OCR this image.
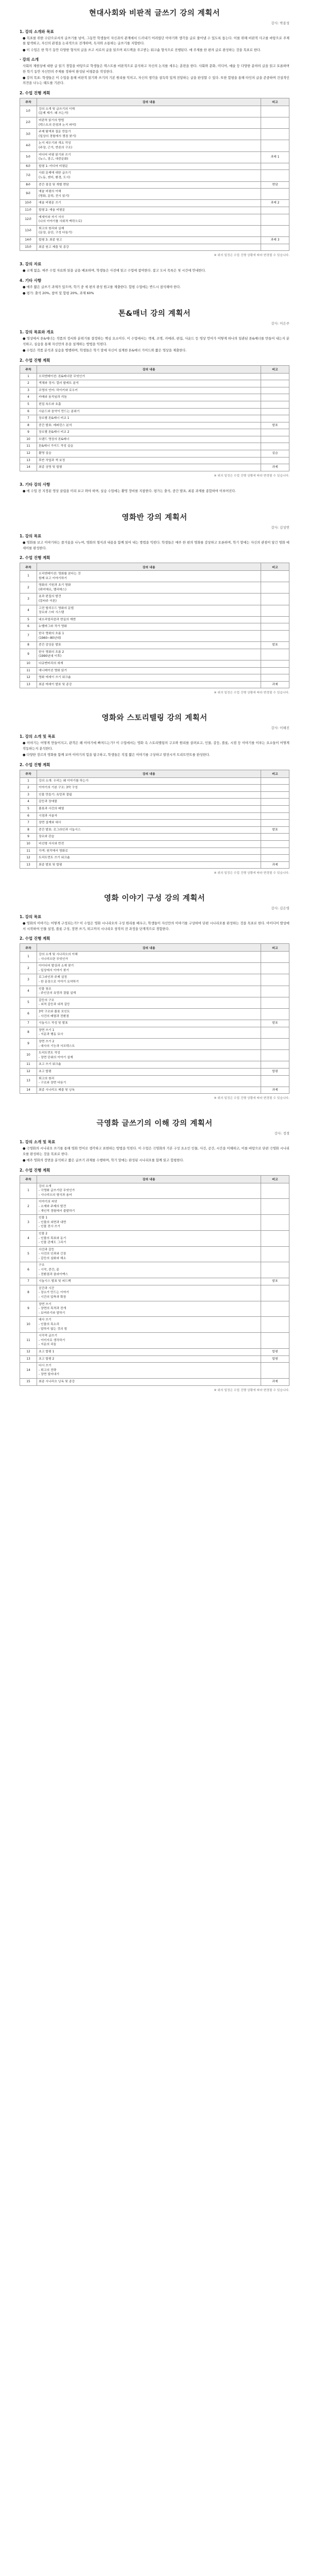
현대사회와 비판적 글쓰기 강의 계획서
강사: 박종성
1. 강의 소개와 목표

● 목표를 위한 수단으로서의 글쓰기를 넘어, 그동안 학생들이 자신과의 관계에서 드러내기 어려웠던 이야기와 생각을 글로 풀어낼 수 있도록 돕는다. 이를 위해 비판적 사고를 바탕으로 주제를 탐색하고, 자신의 관점을 논리적으로 전개하며, 독자와 소통하는 글쓰기를 지향한다.

● 이 수업은 한 학기 동안 다양한 형식의 글을 쓰고 서로의 글을 읽으며 피드백을 주고받는 워크숍 형식으로 진행된다. 매 주제를 한 편의 글로 완성하는 것을 목표로 한다.

· 강의 소개

사회의 제현상에 대한 글 읽기 경험을 바탕으로 학생들은 텍스트를 비판적으로 분석하고 자신의 논지를 세우는 훈련을 한다. 사회와 문화, 미디어, 예술 등 다양한 분야의 글을 읽고 토론하며 한 학기 동안 자신만의 주제를 정하여 완성된 비평문을 작성한다.

● 강의 목표: 학생들은 이 수업을 통해 비판적 읽기와 쓰기의 기본 원리를 익히고, 자신의 생각을 설득력 있게 전달하는 글을 완성할 수 있다. 또한 합평을 통해 타인의 글을 존중하며 건설적인 의견을 나누는 태도를 기른다.

2. 수업 진행 계획
주차	강의 내용	비고
1주	강의 소개 및 글쓰기의 이해
(문제 제기: 왜 쓰는가)	
2주	비판적 읽기의 방법
(텍스트의 관점과 논지 파악)	
3주	주제 탐색과 질문 만들기
(일상의 경험에서 쟁점 찾기)	
4주	논지 세우기와 개요 작성
(주장, 근거, 반론의 구조)	
5주	미디어 비평 읽기와 쓰기
(뉴스, 광고, 대중문화)	과제 1
6주	합평 1: 미디어 비평문	
7주	사회 문제에 대한 글쓰기
(노동, 젠더, 환경, 도시)	
8주	중간 점검 및 개별 면담	면담
9주	예술 비평의 이해
(영화, 문학, 전시 읽기)	
10주	예술 비평문 쓰기	과제 2
11주	합평 2: 예술 비평문	
12주	에세이와 자기 서사
(나의 이야기를 사회적 맥락으로)	
13주	퇴고의 원리와 실제
(문장, 문단, 구성 다듬기)	
14주	합평 3: 최종 원고	과제 3
15주	최종 원고 제출 및 종강	
※ 위의 일정은 수업 진행 상황에 따라 변경될 수 있습니다.
3. 강의 자료

● 교재 없음. 매주 수업 자료와 읽을 글을 배포하며, 학생들은 사전에 읽고 수업에 참여한다. 참고 도서 목록은 첫 시간에 안내한다.

4. 기타 사항

● 매주 짧은 글쓰기 과제가 있으며, 학기 중 세 편의 완성 원고를 제출한다. 합평 수업에는 반드시 참석해야 한다.

● 평가: 출석 20%, 참여 및 합평 20%, 과제 60%

톤&매너 강의 계획서
강사: 이은주
1. 강의 목표와 개요

● 영상에서 톤&매너는 작품의 정서와 분위기를 결정하는 핵심 요소이다. 이 수업에서는 색채, 조명, 카메라, 편집, 사운드 등 영상 언어가 어떻게 하나의 일관된 톤&매너를 만들어 내는지 분석하고, 실습을 통해 자신만의 톤을 설계하는 방법을 익힌다.

● 수업은 작품 분석과 실습을 병행하며, 학생들은 학기 말에 자신이 설계한 톤&매너 가이드와 짧은 영상을 제출한다.

2. 수업 진행 계획
주차	강의 내용	비고
1	오리엔테이션: 톤&매너란 무엇인가	
2	색채와 정서: 컬러 팔레트 분석	
3	조명의 언어: 하이키와 로우키	
4	카메라 움직임과 리듬	
5	편집 속도와 호흡	
6	사운드와 음악이 만드는 분위기	
7	장르별 톤&매너 비교 1	
8	중간 발표: 레퍼런스 분석	발표
9	장르별 톤&매너 비교 2	
10	브랜드 영상의 톤&매너	
11	톤&매너 가이드 작성 실습	
12	촬영 실습	실습
13	후반 작업과 색 보정	
14	최종 상영 및 합평	과제
※ 위의 일정은 수업 진행 상황에 따라 변경될 수 있습니다.
3. 기타 강의 사항

● 매 수업 전 지정된 영상 클립을 미리 보고 와야 하며, 실습 수업에는 촬영 장비를 지참한다. 평가는 출석, 중간 발표, 최종 과제를 종합하여 이루어진다.

영화반 강의 계획서
강사: 김성연
1. 강의 목표

● 영화를 보고 이야기하는 즐거움을 나누며, 영화의 형식과 내용을 함께 읽어 내는 방법을 익힌다. 학생들은 매주 한 편의 영화를 감상하고 토론하며, 학기 말에는 자신의 관점이 담긴 영화 에세이를 완성한다.

2. 수업 진행 계획
주차	강의 내용	비고
1	오리엔테이션: 영화를 본다는 것
함께 보고 이야기하기	
2	영화의 기원과 초기 영화
(뤼미에르, 멜리에스)	
3	숏과 편집의 발견
(몽타주 이론)	
4	고전 할리우드 영화의 문법
장르와 스타 시스템	
5	네오리얼리즘과 현실의 재현	
6	누벨바그와 작가 영화	
7	한국 영화의 흐름 1
(1960~80년대)	
8	중간 감상문 발표	발표
9	한국 영화의 흐름 2
(1990년대 이후)	
10	다큐멘터리의 세계	
11	애니메이션 영화 읽기	
12	영화 에세이 쓰기 워크숍	
13	최종 에세이 발표 및 종강	과제
※ 위의 일정은 수업 진행 상황에 따라 변경될 수 있습니다.
영화와 스토리텔링 강의 계획서
강사: 이해진
1. 강의 소개 및 목표

● 이야기는 어떻게 만들어지고, 관객은 왜 이야기에 빠져드는가? 이 수업에서는 영화 속 스토리텔링의 구조와 원리를 살펴보고, 인물, 갈등, 플롯, 시점 등 이야기를 이루는 요소들이 어떻게 작동하는지 분석한다.

● 다양한 장르의 영화를 함께 보며 이야기의 힘을 탐구하고, 학생들은 직접 짧은 이야기를 구상하고 발전시켜 트리트먼트를 완성한다.

2. 수업 진행 계획
주차	강의 내용	비고
1	강의 소개: 우리는 왜 이야기를 하는가	
2	이야기의 기본 구조: 3막 구성	
3	인물 만들기: 욕망과 결핍	
4	갈등과 장애물	
5	플롯과 사건의 배열	
6	시점과 서술자	
7	장면 설계와 대사	
8	중간 발표: 로그라인과 시놉시스	발표
9	장르와 관습	
10	비선형 서사와 반전	
11	각색: 원작에서 영화로	
12	트리트먼트 쓰기 워크숍	
13	최종 발표 및 합평	과제
※ 위의 일정은 수업 진행 상황에 따라 변경될 수 있습니다.
영화 이야기 구성 강의 계획서
강사: 김은영
1. 강의 목표

● 영화의 이야기는 어떻게 구성되는가? 이 수업은 영화 시나리오의 구성 원리를 배우고, 학생들이 자신만의 이야기를 구상하여 단편 시나리오를 완성하는 것을 목표로 한다. 아이디어 발상에서 시작하여 인물 설정, 플롯 구성, 장면 쓰기, 퇴고까지 시나리오 창작의 전 과정을 단계적으로 경험한다.

2. 수업 진행 계획
주차	강의 내용	비고
1	강의 소개 및 시나리오의 이해
- 시나리오란 무엇인가	
2	아이디어 발상과 소재 찾기
- 일상에서 이야기 찾기	
3	로그라인과 주제 설정
- 한 문장으로 이야기 요약하기	
4	인물 창조
- 주인공의 욕망과 결핍 설계	
5	갈등의 구조
- 외적 갈등과 내적 갈등	
6	3막 구조와 플롯 포인트
- 사건의 배열과 전환점	
7	시놉시스 작성 및 발표	발표
8	장면 쓰기 1
- 지문과 행동 묘사	
9	장면 쓰기 2
- 대사의 기능과 서브텍스트	
10	트리트먼트 작성
- 장면 단위의 이야기 설계	
11	초고 쓰기 워크숍	
12	초고 합평	합평
13	퇴고의 원리
- 구조와 장면 다듬기	
14	최종 시나리오 제출 및 낭독	과제
※ 위의 일정은 수업 진행 상황에 따라 변경될 수 있습니다.
극영화 글쓰기의 이해 강의 계획서
강사: 정경
1. 강의 소개 및 목표

● 극영화의 시나리오 쓰기를 통해 영화 언어로 생각하고 표현하는 방법을 익힌다. 이 수업은 극영화의 기본 구성 요소인 인물, 사건, 공간, 시간을 이해하고, 이를 바탕으로 단편 극영화 시나리오를 완성하는 것을 목표로 한다.

● 매주 영화의 장면을 분석하고 짧은 글쓰기 과제를 수행하며, 학기 말에는 완성된 시나리오를 함께 읽고 합평한다.

2. 수업 진행 계획
주차	강의 내용	비고
1	강의 소개
- 극영화 글쓰기란 무엇인가
- 시나리오의 형식과 용어	
2	이야기의 씨앗
- 소재와 주제의 발견
- 개인적 경험에서 출발하기	
3	인물 1
- 인물의 외면과 내면
- 인물 전사 쓰기	
4	인물 2
- 인물의 목표와 동기
- 인물 관계도 그리기	
5	사건과 갈등
- 사건의 인과와 긴장
- 갈등의 심화와 해소	
6	구조
- 시작, 중간, 끝
- 전환점과 클라이맥스	
7	시놉시스 발표 및 피드백	발표
8	공간과 시간
- 장소가 만드는 이야기
- 시간의 압축과 확장	
9	장면 쓰기
- 장면의 목적과 전개
- 보여주기와 말하기	
10	대사 쓰기
- 인물의 목소리
- 말하지 않는 것의 힘	
11	시각적 글쓰기
- 이미지로 생각하기
- 지문의 리듬	
12	초고 합평 1	합평
13	초고 합평 2	합평
14	다시 쓰기
- 퇴고의 전략
- 장면 덜어내기	
15	최종 시나리오 낭독 및 종강	과제
※ 위의 일정은 수업 진행 상황에 따라 변경될 수 있습니다.
